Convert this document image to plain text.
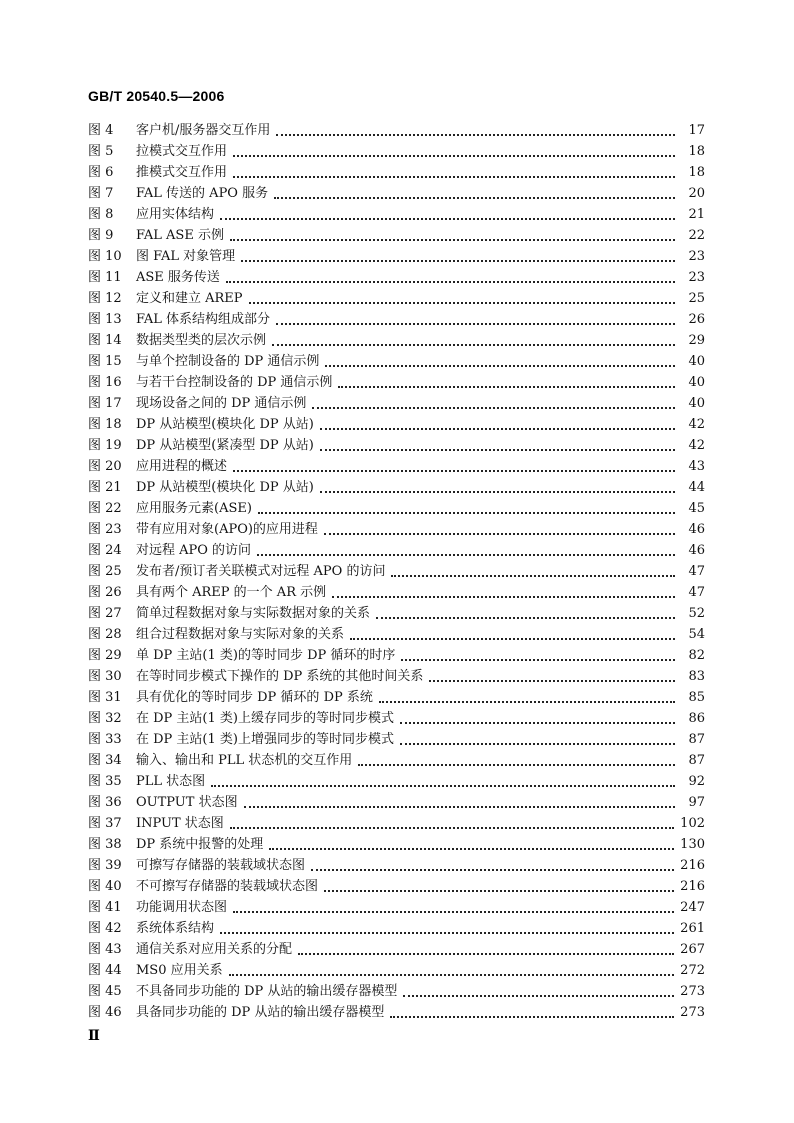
GB/T 20540.5—2006
图 4	客户机/服务器交互作用	17
图 5	拉模式交互作用	18
图 6	推模式交互作用	18
图 7	FAL 传送的 APO 服务	20
图 8	应用实体结构	21
图 9	FAL ASE 示例	22
图 10	图 FAL 对象管理	23
图 11	ASE 服务传送	23
图 12	定义和建立 AREP	25
图 13	FAL 体系结构组成部分	26
图 14	数据类型类的层次示例	29
图 15	与单个控制设备的 DP 通信示例	40
图 16	与若干台控制设备的 DP 通信示例	40
图 17	现场设备之间的 DP 通信示例	40
图 18	DP 从站模型(模块化 DP 从站)	42
图 19	DP 从站模型(紧凑型 DP 从站)	42
图 20	应用进程的概述	43
图 21	DP 从站模型(模块化 DP 从站)	44
图 22	应用服务元素(ASE)	45
图 23	带有应用对象(APO)的应用进程	46
图 24	对远程 APO 的访问	46
图 25	发布者/预订者关联模式对远程 APO 的访问	47
图 26	具有两个 AREP 的一个 AR 示例	47
图 27	简单过程数据对象与实际数据对象的关系	52
图 28	组合过程数据对象与实际对象的关系	54
图 29	单 DP 主站(1 类)的等时同步 DP 循环的时序	82
图 30	在等时同步模式下操作的 DP 系统的其他时间关系	83
图 31	具有优化的等时同步 DP 循环的 DP 系统	85
图 32	在 DP 主站(1 类)上缓存同步的等时同步模式	86
图 33	在 DP 主站(1 类)上增强同步的等时同步模式	87
图 34	输入、输出和 PLL 状态机的交互作用	87
图 35	PLL 状态图	92
图 36	OUTPUT 状态图	97
图 37	INPUT 状态图	102
图 38	DP 系统中报警的处理	130
图 39	可擦写存储器的装载域状态图	216
图 40	不可擦写存储器的装载域状态图	216
图 41	功能调用状态图	247
图 42	系统体系结构	261
图 43	通信关系对应用关系的分配	267
图 44	MS0 应用关系	272
图 45	不具备同步功能的 DP 从站的输出缓存器模型	273
图 46	具备同步功能的 DP 从站的输出缓存器模型	273
Ⅱ
